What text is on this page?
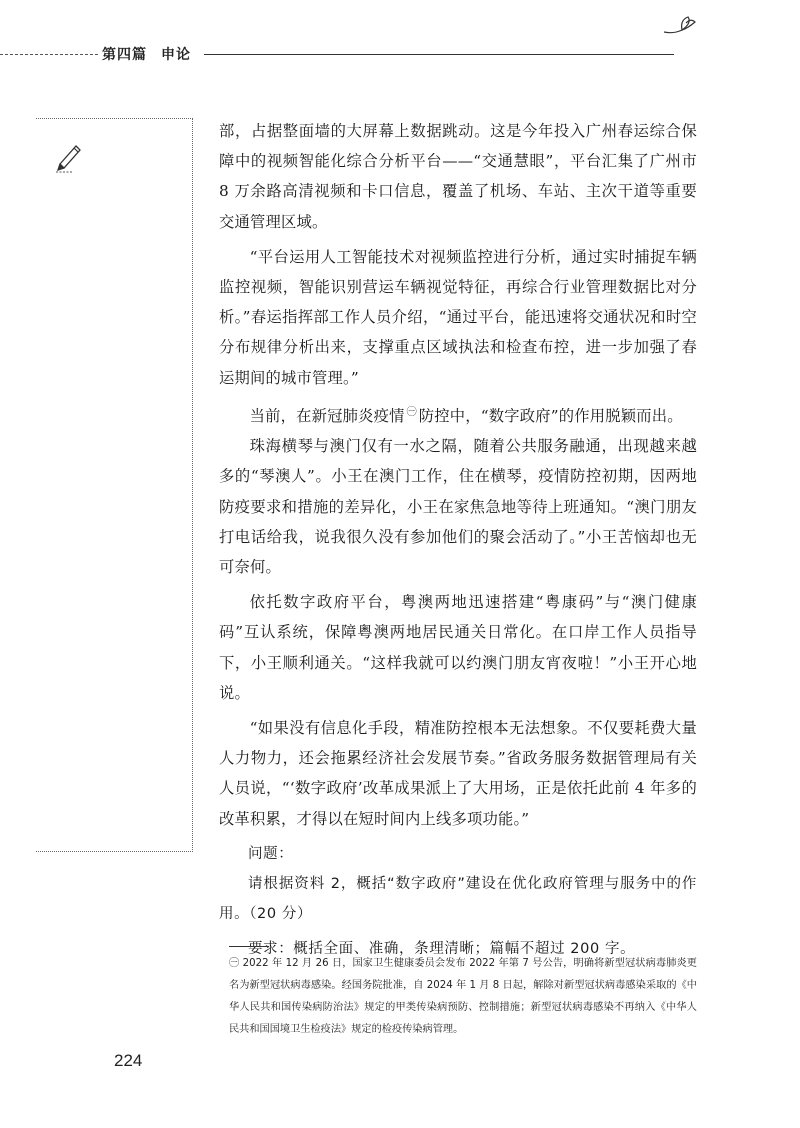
第四篇 申论

部，占据整面墙的大屏幕上数据跳动。这是今年投入广州春运综合保障中的视频智能化综合分析平台——“交通慧眼”，平台汇集了广州市 8 万余路高清视频和卡口信息，覆盖了机场、车站、主次干道等重要交通管理区域。

“平台运用人工智能技术对视频监控进行分析，通过实时捕捉车辆监控视频，智能识别营运车辆视觉特征，再综合行业管理数据比对分析。”春运指挥部工作人员介绍，“通过平台，能迅速将交通状况和时空分布规律分析出来，支撑重点区域执法和检查布控，进一步加强了春运期间的城市管理。”

当前，在新冠肺炎疫情 $^㊀$ 防控中，“数字政府”的作用脱颖而出。

珠海横琴与澳门仅有一水之隔，随着公共服务融通，出现越来越多的“琴澳人”。小王在澳门工作，住在横琴，疫情防控初期，因两地防疫要求和措施的差异化，小王在家焦急地等待上班通知。“澳门朋友打电话给我，说我很久没有参加他们的聚会活动了。”小王苦恼却也无可奈何。

依托数字政府平台，粤澳两地迅速搭建“粤康码”与“澳门健康码”互认系统，保障粤澳两地居民通关日常化。在口岸工作人员指导下，小王顺利通关。“这样我就可以约澳门朋友宵夜啦！”小王开心地说。

“如果没有信息化手段，精准防控根本无法想象。不仅要耗费大量人力物力，还会拖累经济社会发展节奏。”省政务服务数据管理局有关人员说，“‘数字政府’改革成果派上了大用场，正是依托此前 4 年多的改革积累，才得以在短时间内上线多项功能。”

问题：

请根据资料 2，概括“数字政府”建设在优化政府管理与服务中的作用。（20 分）

要求：概括全面、准确，条理清晰；篇幅不超过 200 字。

㊀ 2022 年 12 月 26 日，国家卫生健康委员会发布 2022 年第 7 号公告，明确将新型冠状病毒肺炎更名为新型冠状病毒感染。经国务院批准，自 2024 年 1 月 8 日起，解除对新型冠状病毒感染采取的《中华人民共和国传染病防治法》规定的甲类传染病预防、控制措施；新型冠状病毒感染不再纳入《中华人民共和国国境卫生检疫法》规定的检疫传染病管理。
224
